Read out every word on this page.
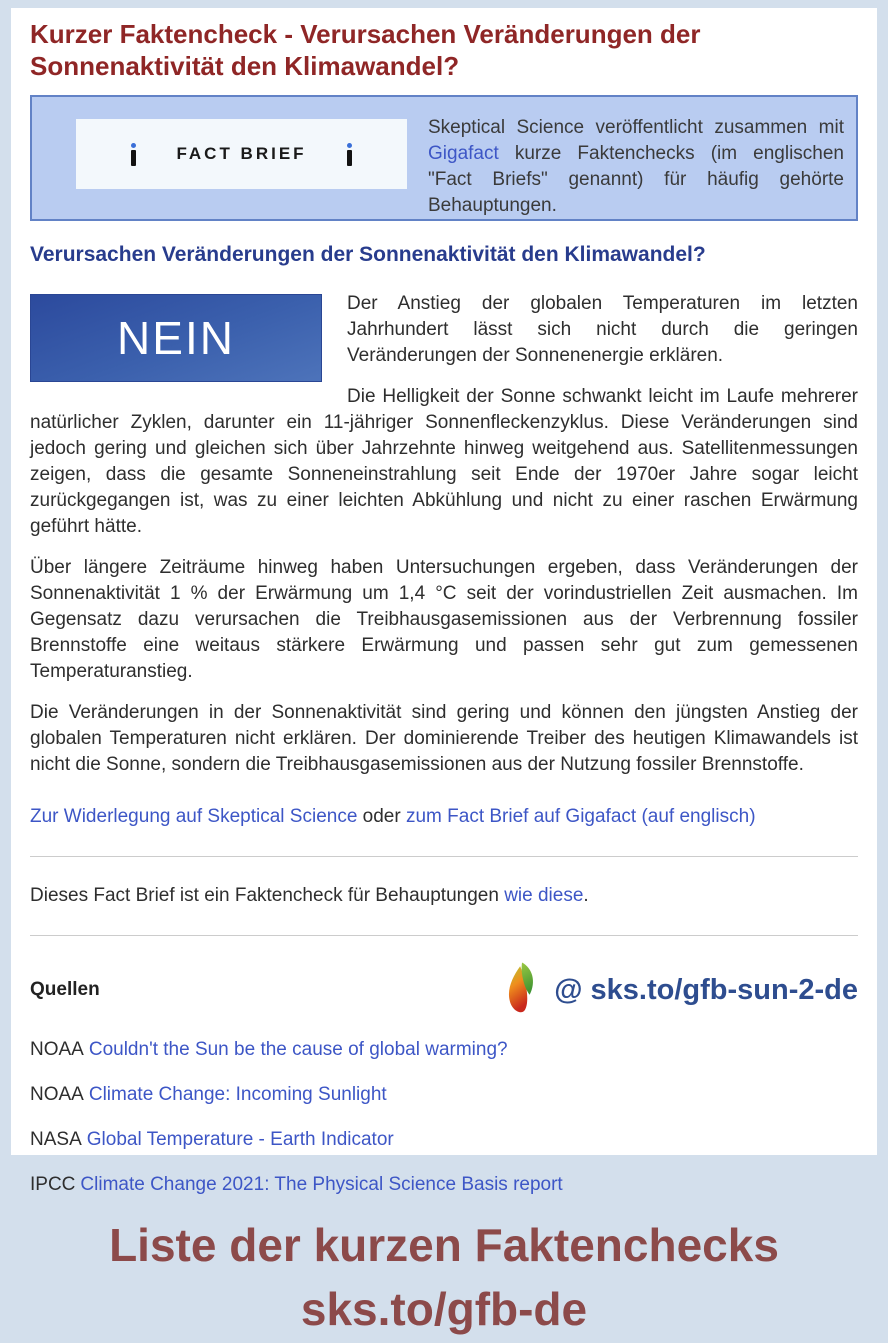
Kurzer Faktencheck - Verursachen Veränderungen der Sonnenaktivität den Klimawandel?
FACT BRIEF

Skeptical Science veröffentlicht zusammen mit Gigafact kurze Faktenchecks (im englischen "Fact Briefs" genannt) für häufig gehörte Behauptungen.

Verursachen Veränderungen der Sonnenaktivität den Klimawandel?
NEIN

Der Anstieg der globalen Temperaturen im letzten Jahrhundert lässt sich nicht durch die geringen Veränderungen der Sonnenenergie erklären.

Die Helligkeit der Sonne schwankt leicht im Laufe mehrerer natürlicher Zyklen, darunter ein 11-jähriger Sonnenfleckenzyklus. Diese Veränderungen sind jedoch gering und gleichen sich über Jahrzehnte hinweg weitgehend aus. Satellitenmessungen zeigen, dass die gesamte Sonneneinstrahlung seit Ende der 1970er Jahre sogar leicht zurückgegangen ist, was zu einer leichten Abkühlung und nicht zu einer raschen Erwärmung geführt hätte.

Über längere Zeiträume hinweg haben Untersuchungen ergeben, dass Veränderungen der Sonnenaktivität 1 % der Erwärmung um 1,4 °C seit der vorindustriellen Zeit ausmachen. Im Gegensatz dazu verursachen die Treibhausgasemissionen aus der Verbrennung fossiler Brennstoffe eine weitaus stärkere Erwärmung und passen sehr gut zum gemessenen Temperaturanstieg.

Die Veränderungen in der Sonnenaktivität sind gering und können den jüngsten Anstieg der globalen Temperaturen nicht erklären. Der dominierende Treiber des heutigen Klimawandels ist nicht die Sonne, sondern die Treibhausgasemissionen aus der Nutzung fossiler Brennstoffe.

Zur Widerlegung auf Skeptical Science oder zum Fact Brief auf Gigafact (auf englisch)

Dieses Fact Brief ist ein Faktencheck für Behauptungen wie diese.

Quellen	@ sks.to/gfb-sun-2-de

NOAA Couldn't the Sun be the cause of global warming?

NOAA Climate Change: Incoming Sunlight

NASA Global Temperature - Earth Indicator

IPCC Climate Change 2021: The Physical Science Basis report

Liste der kurzen Faktenchecks
sks.to/gfb-de
